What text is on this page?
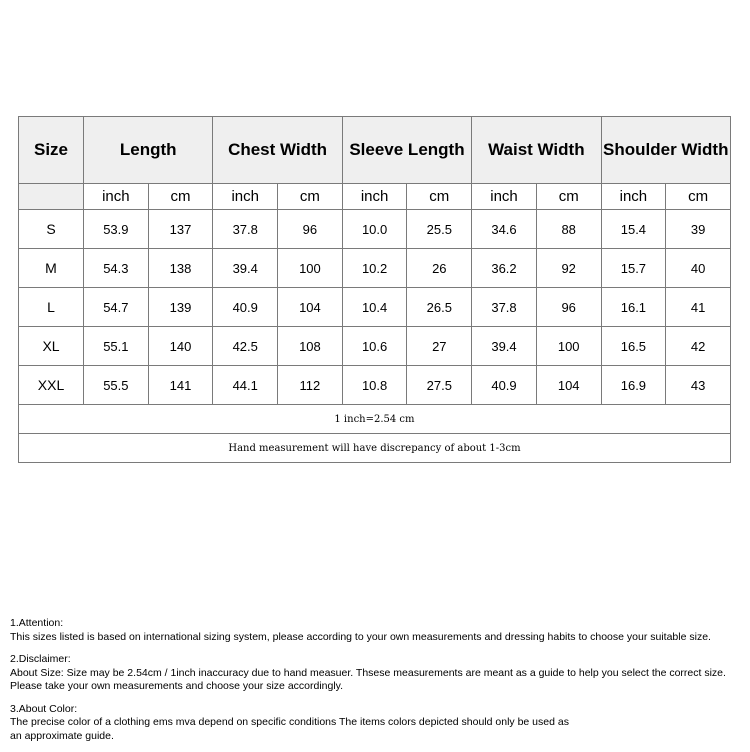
Size	Length		Chest Width		Sleeve Length		Waist Width		Shoulder Width	
	inch	cm	inch	cm	inch	cm	inch	cm	inch	cm
S	53.9	137	37.8	96	10.0	25.5	34.6	88	15.4	39
M	54.3	138	39.4	100	10.2	26	36.2	92	15.7	40
L	54.7	139	40.9	104	10.4	26.5	37.8	96	16.1	41
XL	55.1	140	42.5	108	10.6	27	39.4	100	16.5	42
XXL	55.5	141	44.1	112	10.8	27.5	40.9	104	16.9	43
1 inch=2.54 cm										
Hand measurement will have discrepancy of about 1-3cm										

1.Attention:

This sizes listed is based on international sizing system, please according to your own measurements and dressing habits to choose your suitable size.

2.Disclaimer:

About Size: Size may be 2.54cm / 1inch inaccuracy due to hand measuer. Thsese measurements are meant as a guide to help you select the correct size.

Please take your own measurements and choose your size accordingly.

3.About Color:

The precise color of a clothing ems mva depend on specific conditions The items colors depicted should only be used as

an approximate guide.
